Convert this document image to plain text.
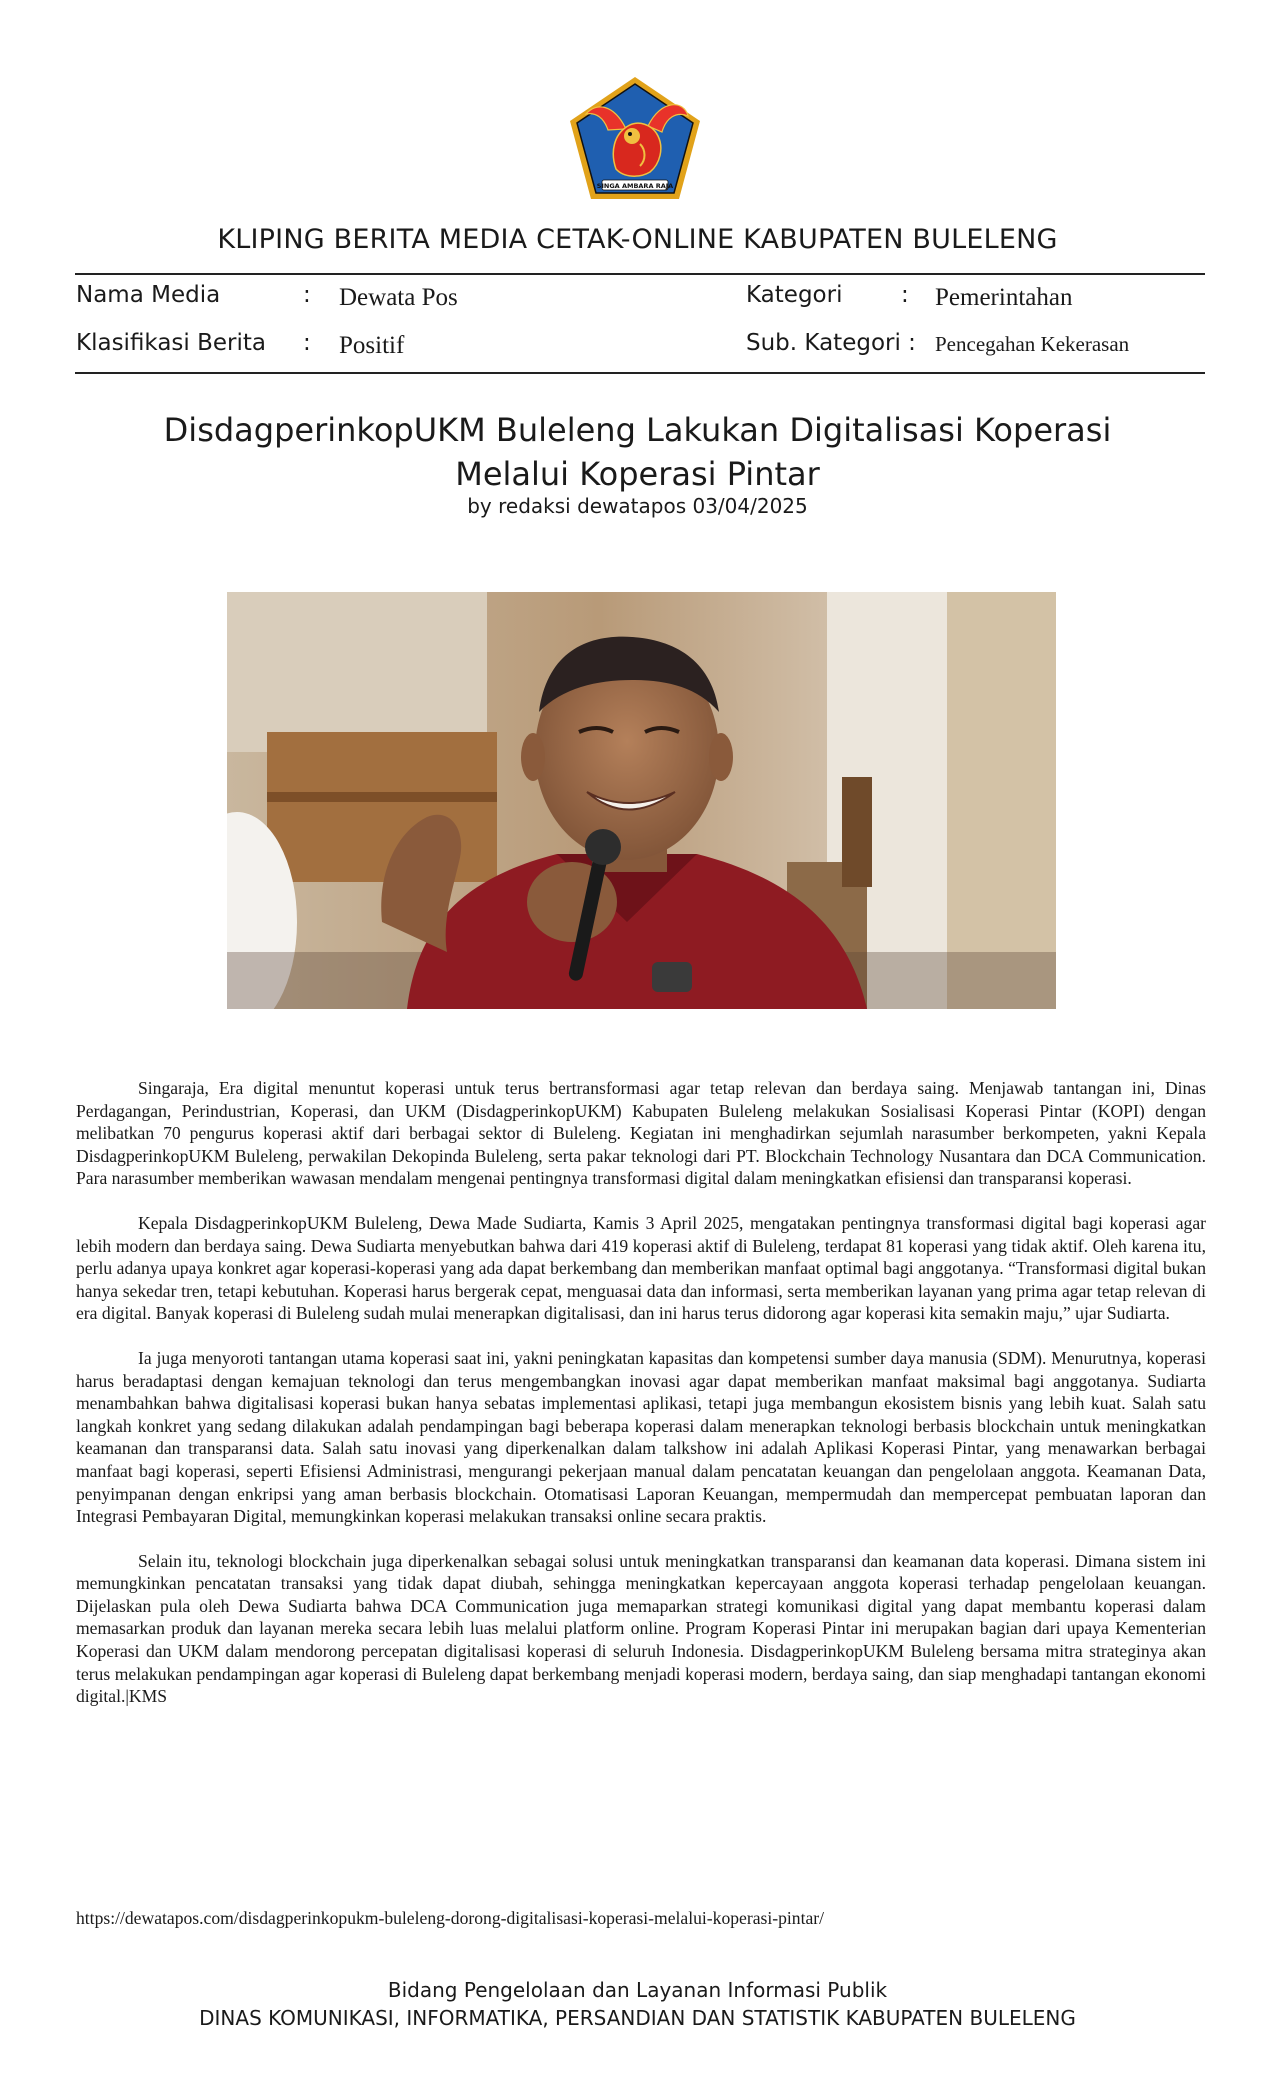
SINGA AMBARA RAJA
KLIPING BERITA MEDIA CETAK-ONLINE KABUPATEN BULELENG
Nama Media	: Dewata Pos	Kategori	: Pemerintahan
Klasifikasi Berita : Positif	Sub. Kategori : Pencegahan Kekerasan
DisdagperinkopUKM Buleleng Lakukan Digitalisasi Koperasi
Melalui Koperasi Pintar
by redaksi dewatapos 03/04/2025

Singaraja, Era digital menuntut koperasi untuk terus bertransformasi agar tetap relevan dan berdaya saing. Menjawab tantangan ini, Dinas Perdagangan, Perindustrian, Koperasi, dan UKM (DisdagperinkopUKM) Kabupaten Buleleng melakukan Sosialisasi Koperasi Pintar (KOPI) dengan melibatkan 70 pengurus koperasi aktif dari berbagai sektor di Buleleng. Kegiatan ini menghadirkan sejumlah narasumber berkompeten, yakni Kepala DisdagperinkopUKM Buleleng, perwakilan Dekopinda Buleleng, serta pakar teknologi dari PT. Blockchain Technology Nusantara dan DCA Communication. Para narasumber memberikan wawasan mendalam mengenai pentingnya transformasi digital dalam meningkatkan efisiensi dan transparansi koperasi.

Kepala DisdagperinkopUKM Buleleng, Dewa Made Sudiarta, Kamis 3 April 2025, mengatakan pentingnya transformasi digital bagi koperasi agar lebih modern dan berdaya saing. Dewa Sudiarta menyebutkan bahwa dari 419 koperasi aktif di Buleleng, terdapat 81 koperasi yang tidak aktif. Oleh karena itu, perlu adanya upaya konkret agar koperasi-koperasi yang ada dapat berkembang dan memberikan manfaat optimal bagi anggotanya. “Transformasi digital bukan hanya sekedar tren, tetapi kebutuhan. Koperasi harus bergerak cepat, menguasai data dan informasi, serta memberikan layanan yang prima agar tetap relevan di era digital. Banyak koperasi di Buleleng sudah mulai menerapkan digitalisasi, dan ini harus terus didorong agar koperasi kita semakin maju,” ujar Sudiarta.

Ia juga menyoroti tantangan utama koperasi saat ini, yakni peningkatan kapasitas dan kompetensi sumber daya manusia (SDM). Menurutnya, koperasi harus beradaptasi dengan kemajuan teknologi dan terus mengembangkan inovasi agar dapat memberikan manfaat maksimal bagi anggotanya. Sudiarta menambahkan bahwa digitalisasi koperasi bukan hanya sebatas implementasi aplikasi, tetapi juga membangun ekosistem bisnis yang lebih kuat. Salah satu langkah konkret yang sedang dilakukan adalah pendampingan bagi beberapa koperasi dalam menerapkan teknologi berbasis blockchain untuk meningkatkan keamanan dan transparansi data. Salah satu inovasi yang diperkenalkan dalam talkshow ini adalah Aplikasi Koperasi Pintar, yang menawarkan berbagai manfaat bagi koperasi, seperti Efisiensi Administrasi, mengurangi pekerjaan manual dalam pencatatan keuangan dan pengelolaan anggota. Keamanan Data, penyimpanan dengan enkripsi yang aman berbasis blockchain. Otomatisasi Laporan Keuangan, mempermudah dan mempercepat pembuatan laporan dan Integrasi Pembayaran Digital, memungkinkan koperasi melakukan transaksi online secara praktis.

Selain itu, teknologi blockchain juga diperkenalkan sebagai solusi untuk meningkatkan transparansi dan keamanan data koperasi. Dimana sistem ini memungkinkan pencatatan transaksi yang tidak dapat diubah, sehingga meningkatkan kepercayaan anggota koperasi terhadap pengelolaan keuangan. Dijelaskan pula oleh Dewa Sudiarta bahwa DCA Communication juga memaparkan strategi komunikasi digital yang dapat membantu koperasi dalam memasarkan produk dan layanan mereka secara lebih luas melalui platform online. Program Koperasi Pintar ini merupakan bagian dari upaya Kementerian Koperasi dan UKM dalam mendorong percepatan digitalisasi koperasi di seluruh Indonesia. DisdagperinkopUKM Buleleng bersama mitra strateginya akan terus melakukan pendampingan agar koperasi di Buleleng dapat berkembang menjadi koperasi modern, berdaya saing, dan siap menghadapi tantangan ekonomi digital.|KMS

https://dewatapos.com/disdagperinkopukm-buleleng-dorong-digitalisasi-koperasi-melalui-koperasi-pintar/
Bidang Pengelolaan dan Layanan Informasi Publik
DINAS KOMUNIKASI, INFORMATIKA, PERSANDIAN DAN STATISTIK KABUPATEN BULELENG
